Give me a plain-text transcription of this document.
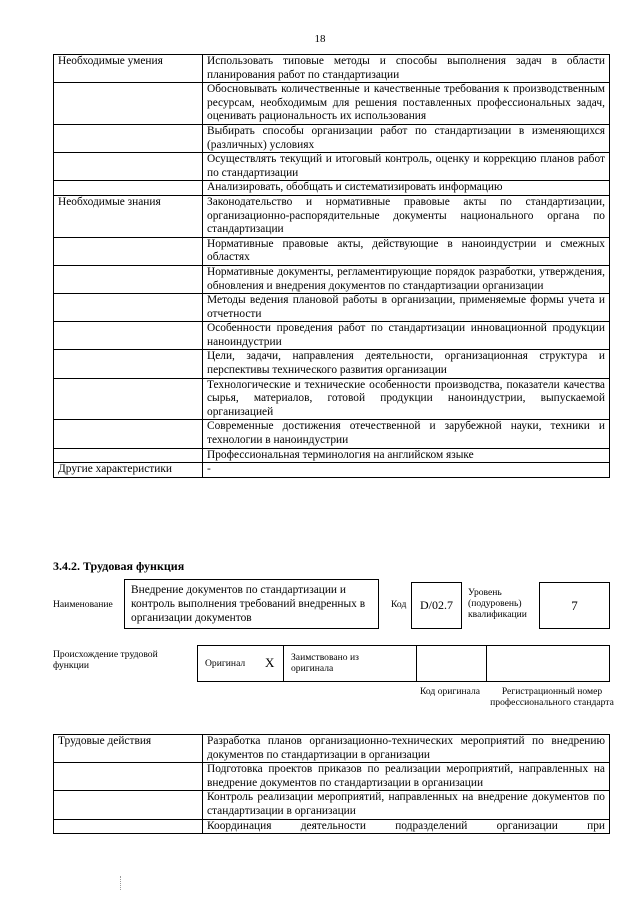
18
Необходимые умения	Использовать типовые методы и способы выполнения задач в области планирования работ по стандартизации
	Обосновывать количественные и качественные требования к производственным ресурсам, необходимым для решения поставленных профессиональных задач, оценивать рациональность их использования
	Выбирать способы организации работ по стандартизации в изменяющихся (различных) условиях
	Осуществлять текущий и итоговый контроль, оценку и коррекцию планов работ по стандартизации
	Анализировать, обобщать и систематизировать информацию
Необходимые знания	Законодательство и нормативные правовые акты по стандартизации, организационно-распорядительные документы национального органа по стандартизации
	Нормативные правовые акты, действующие в наноиндустрии и смежных областях
	Нормативные документы, регламентирующие порядок разработки, утверждения, обновления и внедрения документов по стандартизации организации
	Методы ведения плановой работы в организации, применяемые формы учета и отчетности
	Особенности проведения работ по стандартизации инновационной продукции наноиндустрии
	Цели, задачи, направления деятельности, организационная структура и перспективы технического развития организации
	Технологические и технические особенности производства, показатели качества сырья, материалов, готовой продукции наноиндустрии, выпускаемой организацией
	Современные достижения отечественной и зарубежной науки, техники и технологии в наноиндустрии
	Профессиональная терминология на английском языке
Другие характеристики	-
3.4.2. Трудовая функция
Наименование
Внедрение документов по стандартизации и контроль выполнения требований внедренных в организации документов
Код D/02.7
Уровень (подуровень) квалификации
7
Происхождение трудовой функции	Оригинал X Заимствовано из оригинала
Код оригинала	Регистрационный номер профессионального стандарта
Трудовые действия	Разработка планов организационно-технических мероприятий по внедрению документов по стандартизации в организации
	Подготовка проектов приказов по реализации мероприятий, направленных на внедрение документов по стандартизации в организации
	Контроль реализации мероприятий, направленных на внедрение документов по стандартизации в организации
	Координация деятельности подразделений организации при
